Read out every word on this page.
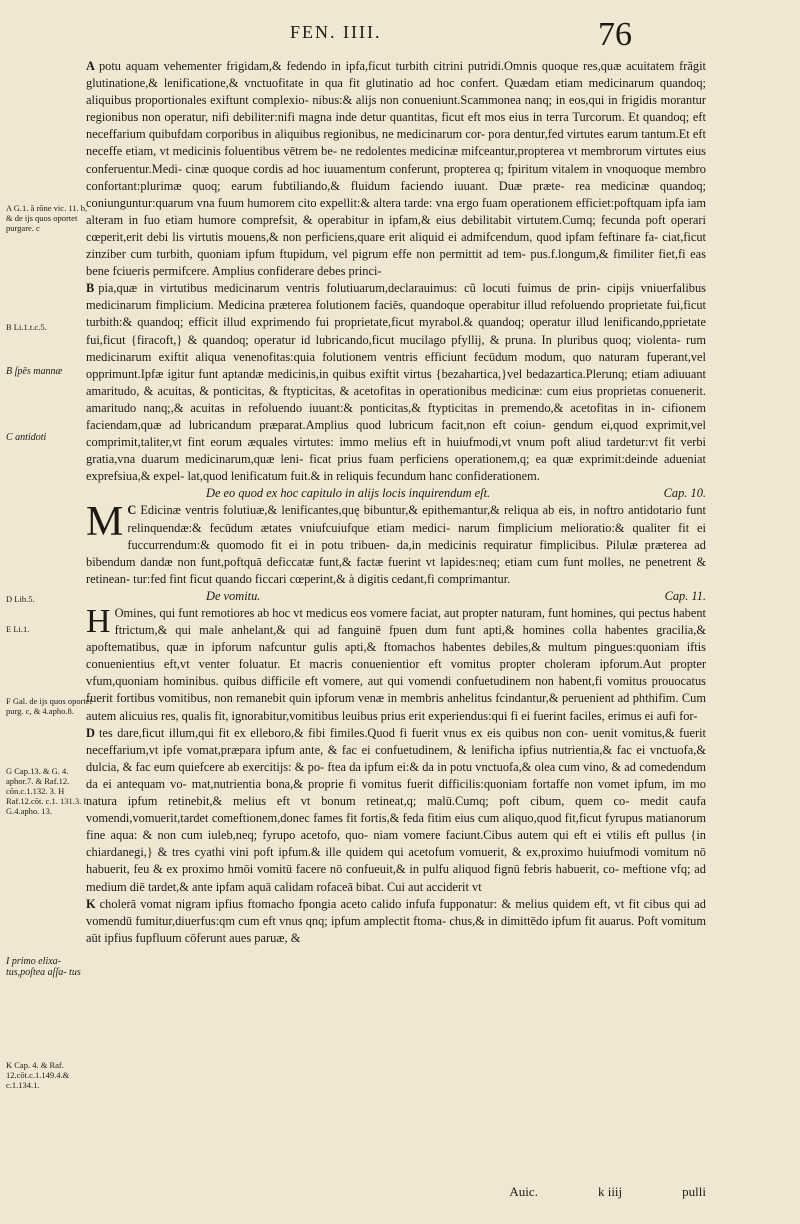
FEN. IIII.	76
A G.1. ā rōne vic. 11. b, & de ijs quos oportet purgare. c
B Li.1.t.c.5.
B ſpēs mannæ
C antidoti
D Lib.5.
E Li.1.
F Gal. de ijs quos oportet purg. c, & 4.apho.8.
G Cap.13. & G. 4. aphor.7. & Raf.12. cōn.c.1.132. 3. H Raf.12.cōt. c.1. 131.3. I G.4.apho. 13.
I primo elixa- tus,poſtea aſſa- tus
K Cap. 4. & Raf. 12.cōt.c.1.149.4.& c.1.134.1.

A potu aquam vehementer frigidam,& fedendo in ipfa,ficut turbith citrini putridi.Omnis quoque res,quæ acuitatem frãgit glutinatione,& lenificatione,& vnctuofitate in qua fit glutinatio ad hoc confert. Quædam etiam medicinarum quandoq; aliquibus proportionales exiftunt complexio- nibus:& alijs non conueniunt.Scammonea nanq; in eos,qui in frigidis morantur regionibus non operatur, nifi debiliter:nifi magna inde detur quantitas, ficut eft mos eius in terra Turcorum. Et quandoq; eft neceffarium quibufdam corporibus in aliquibus regionibus, ne medicinarum cor- pora dentur,fed virtutes earum tantum.Et eft neceffe etiam, vt medicinis foluentibus vētrem be- ne redolentes medicinæ mifceantur,propterea vt membrorum virtutes eius conferuentur.Medi- cinæ quoque cordis ad hoc iuuamentum conferunt, propterea q; fpiritum vitalem in vnoquoque membro confortant:plurimæ quoq; earum fubtiliando,& fluidum faciendo iuuant. Duæ præte- rea medicinæ quandoq; coniunguntur:quarum vna fuum humorem cito expellit:& altera tarde: vna ergo fuam operationem efficiet:poftquam ipfa iam alteram in fuo etiam humore comprefsit, & operabitur in ipfam,& eius debilitabit virtutem.Cumq; fecunda poft operari cœperit,erit debi lis virtutis mouens,& non perficiens,quare erit aliquid ei admifcendum, quod ipfam feftinare fa- ciat,ficut zinziber cum turbith, quoniam ipfum ftupidum, vel pigrum effe non permittit ad tem- pus.f.longum,& fimiliter fiet,fi eas bene fciueris permifcere. Amplius confiderare debes princi-

B pia,quæ in virtutibus medicinarum ventris folutiuarum,declarauimus: cũ locuti fuimus de prin- cipijs vniuerfalibus medicinarum fimplicium. Medicina præterea folutionem faciēs, quandoque operabitur illud refoluendo proprietate fui,ficut turbith:& quandoq; efficit illud exprimendo fui proprietate,ficut myrabol.& quandoq; operatur illud lenificando,pprietate fui,ficut {firacoft,} & quandoq; operatur id lubricando,ficut mucilago pfyllij, & pruna. In pluribus quoq; violenta- rum medicinarum exiftit aliqua venenofitas:quia folutionem ventris efficiunt fecūdum modum, quo naturam fuperant,vel opprimunt.Ipfæ igitur funt aptandæ medicinis,in quibus exiftit virtus {bezahartica,}vel bedazartica.Plerunq; etiam adiuuant amaritudo, & acuitas, & ponticitas, & ftypticitas, & acetofitas in operationibus medicinæ: cum eius proprietas conuenerit. amaritudo nanq;,& acuitas in refoluendo iuuant:& ponticitas,& ftypticitas in premendo,& acetofitas in in- cifionem faciendam,quæ ad lubricandum præparat.Amplius quod lubricum facit,non eft coiun- gendum ei,quod exprimit,vel comprimit,taliter,vt fint eorum æquales virtutes: immo melius eft in huiufmodi,vt vnum poft aliud tardetur:vt fit verbi gratia,vna duarum medicinarum,quæ leni- ficat prius fuam perficiens operationem,q; ea quæ exprimit:deinde adueniat exprefsiua,& expel- lat,quod lenificatum fuit.& in reliquis fecundum hanc confiderationem.

De eo quod ex hoc capitulo in alijs locis inquirendum eſt.	Cap. 10.

C
M Edicinæ ventris folutiuæ,& lenificantes,quę bibuntur,& epithemantur,& reliqua ab eis, in noftro antidotario funt relinquendæ:& fecūdum ætates vniufcuiufque etiam medici- narum fimplicium melioratio:& qualiter fit ei fuccurrendum:& quomodo fit ei in potu tribuen- da,in medicinis requiratur fimplicibus. Pilulæ præterea ad bibendum dandæ non funt,poftquā deficcatæ funt,& factæ fuerint vt lapides:neq; etiam cum funt molles, ne penetrent & retinean- tur:fed fint ficut quando ficcari cœperint,& à digitis cedant,fi comprimantur.

De vomitu.	Cap. 11.

H Omines, qui funt remotiores ab hoc vt medicus eos vomere faciat, aut propter naturam, funt homines, qui pectus habent ftrictum,& qui male anhelant,& qui ad fanguinē fpuen dum funt apti,& homines colla habentes gracilia,& apoftematibus, quæ in ipforum nafcuntur gulis apti,& ftomachos habentes debiles,& multum pingues:quoniam iftis conuenientius eft,vt venter foluatur. Et macris conuenientior eft vomitus propter choleram ipforum.Aut propter vfum,quoniam hominibus. quibus difficile eft vomere, aut qui vomendi confuetudinem non habent,fi vomitus prouocatus fuerit fortibus vomitibus, non remanebit quin ipforum venæ in membris anhelitus fcindantur,& peruenient ad phthifim. Cum autem alicuius res, qualis fit, ignorabitur,vomitibus leuibus prius erit experiendus:qui fi ei fuerint faciles, erimus ei aufi for-

D tes dare,ficut illum,qui fit ex elleboro,& fibi fimiles.Quod fi fuerit vnus ex eis quibus non con- uenit vomitus,& fuerit neceffarium,vt ipfe vomat,præpara ipfum ante, & fac ei confuetudinem, & lenificha ipfius nutrientia,& fac ei vnctuofa,& dulcia, & fac eum quiefcere ab exercitijs: & po- ftea da ipfum ei:& da in potu vnctuofa,& olea cum vino, & ad comedendum da ei antequam vo- mat,nutrientia bona,& proprie fi vomitus fuerit difficilis:quoniam fortaffe non vomet ipfum, im mo natura ipfum retinebit,& melius eft vt bonum retineat,q; malū.Cumq; poft cibum, quem co- medit caufa vomendi,vomuerit,tardet comeftionem,donec fames fit fortis,& feda fitim eius cum aliquo,quod fit,ficut fyrupus matianorum fine aqua: & non cum iuleb,neq; fyrupo acetofo, quo- niam vomere faciunt.Cibus autem qui eft ei vtilis eft pullus {in chiardanegi,} & tres cyathi vini poft ipfum.& ille quidem qui acetofum vomuerit, & ex,proximo huiufmodi vomitum nō habuerit, feu & ex proximo hmōi vomitū facere nō confueuit,& in pulfu aliquod fignū febris habuerit, co- meftione vfq; ad medium diē tardet,& ante ipfam aquā calidam rofaceā bibat. Cui aut acciderit vt

K cholerā vomat nigram ipfius ftomacho fpongia aceto calido infufa fupponatur: & melius quidem eft, vt fit cibus qui ad vomendū fumitur,diuerfus:qm cum eft vnus qnq; ipfum amplectit ftoma- chus,& in dimittēdo ipfum fit auarus. Poft vomitum aūt ipfius fupfluum cōferunt aues paruæ, &

Auic.	k iiij	pulli
